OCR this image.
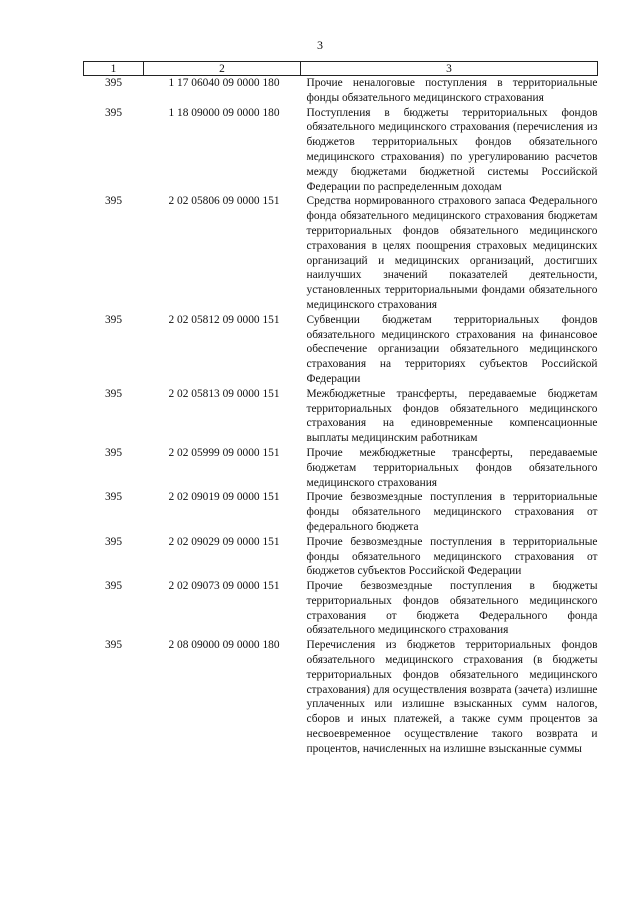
3
1	2	3
395	1 17 06040 09 0000 180	Прочие неналоговые поступления в территориальные фонды обязательного медицинского страхования
395	1 18 09000 09 0000 180	Поступления в бюджеты территориальных фондов обязательного медицинского страхования (перечисления из бюджетов территориальных фондов обязательного медицинского страхования) по урегулированию расчетов между бюджетами бюджетной системы Российской Федерации по распределенным доходам
395	2 02 05806 09 0000 151	Средства нормированного страхового запаса Федерального фонда обязательного медицинского страхования бюджетам территориальных фондов обязательного медицинского страхования в целях поощрения страховых медицинских организаций и медицинских организаций, достигших наилучших значений показателей деятельности, установленных территориальными фондами обязательного медицинского страхования
395	2 02 05812 09 0000 151	Субвенции бюджетам территориальных фондов обязательного медицинского страхования на финансовое обеспечение организации обязательного медицинского страхования на территориях субъектов Российской Федерации
395	2 02 05813 09 0000 151	Межбюджетные трансферты, передаваемые бюджетам территориальных фондов обязательного медицинского страхования на единовременные компенсационные выплаты медицинским работникам
395	2 02 05999 09 0000 151	Прочие межбюджетные трансферты, передаваемые бюджетам территориальных фондов обязательного медицинского страхования
395	2 02 09019 09 0000 151	Прочие безвозмездные поступления в территориальные фонды обязательного медицинского страхования от федерального бюджета
395	2 02 09029 09 0000 151	Прочие безвозмездные поступления в территориальные фонды обязательного медицинского страхования от бюджетов субъектов Российской Федерации
395	2 02 09073 09 0000 151	Прочие безвозмездные поступления в бюджеты территориальных фондов обязательного медицинского страхования от бюджета Федерального фонда обязательного медицинского страхования
395	2 08 09000 09 0000 180	Перечисления из бюджетов территориальных фондов обязательного медицинского страхования (в бюджеты территориальных фондов обязательного медицинского страхования) для осуществления возврата (зачета) излишне уплаченных или излишне взысканных сумм налогов, сборов и иных платежей, а также сумм процентов за несвоевременное осуществление такого возврата и процентов, начисленных на излишне взысканные суммы
